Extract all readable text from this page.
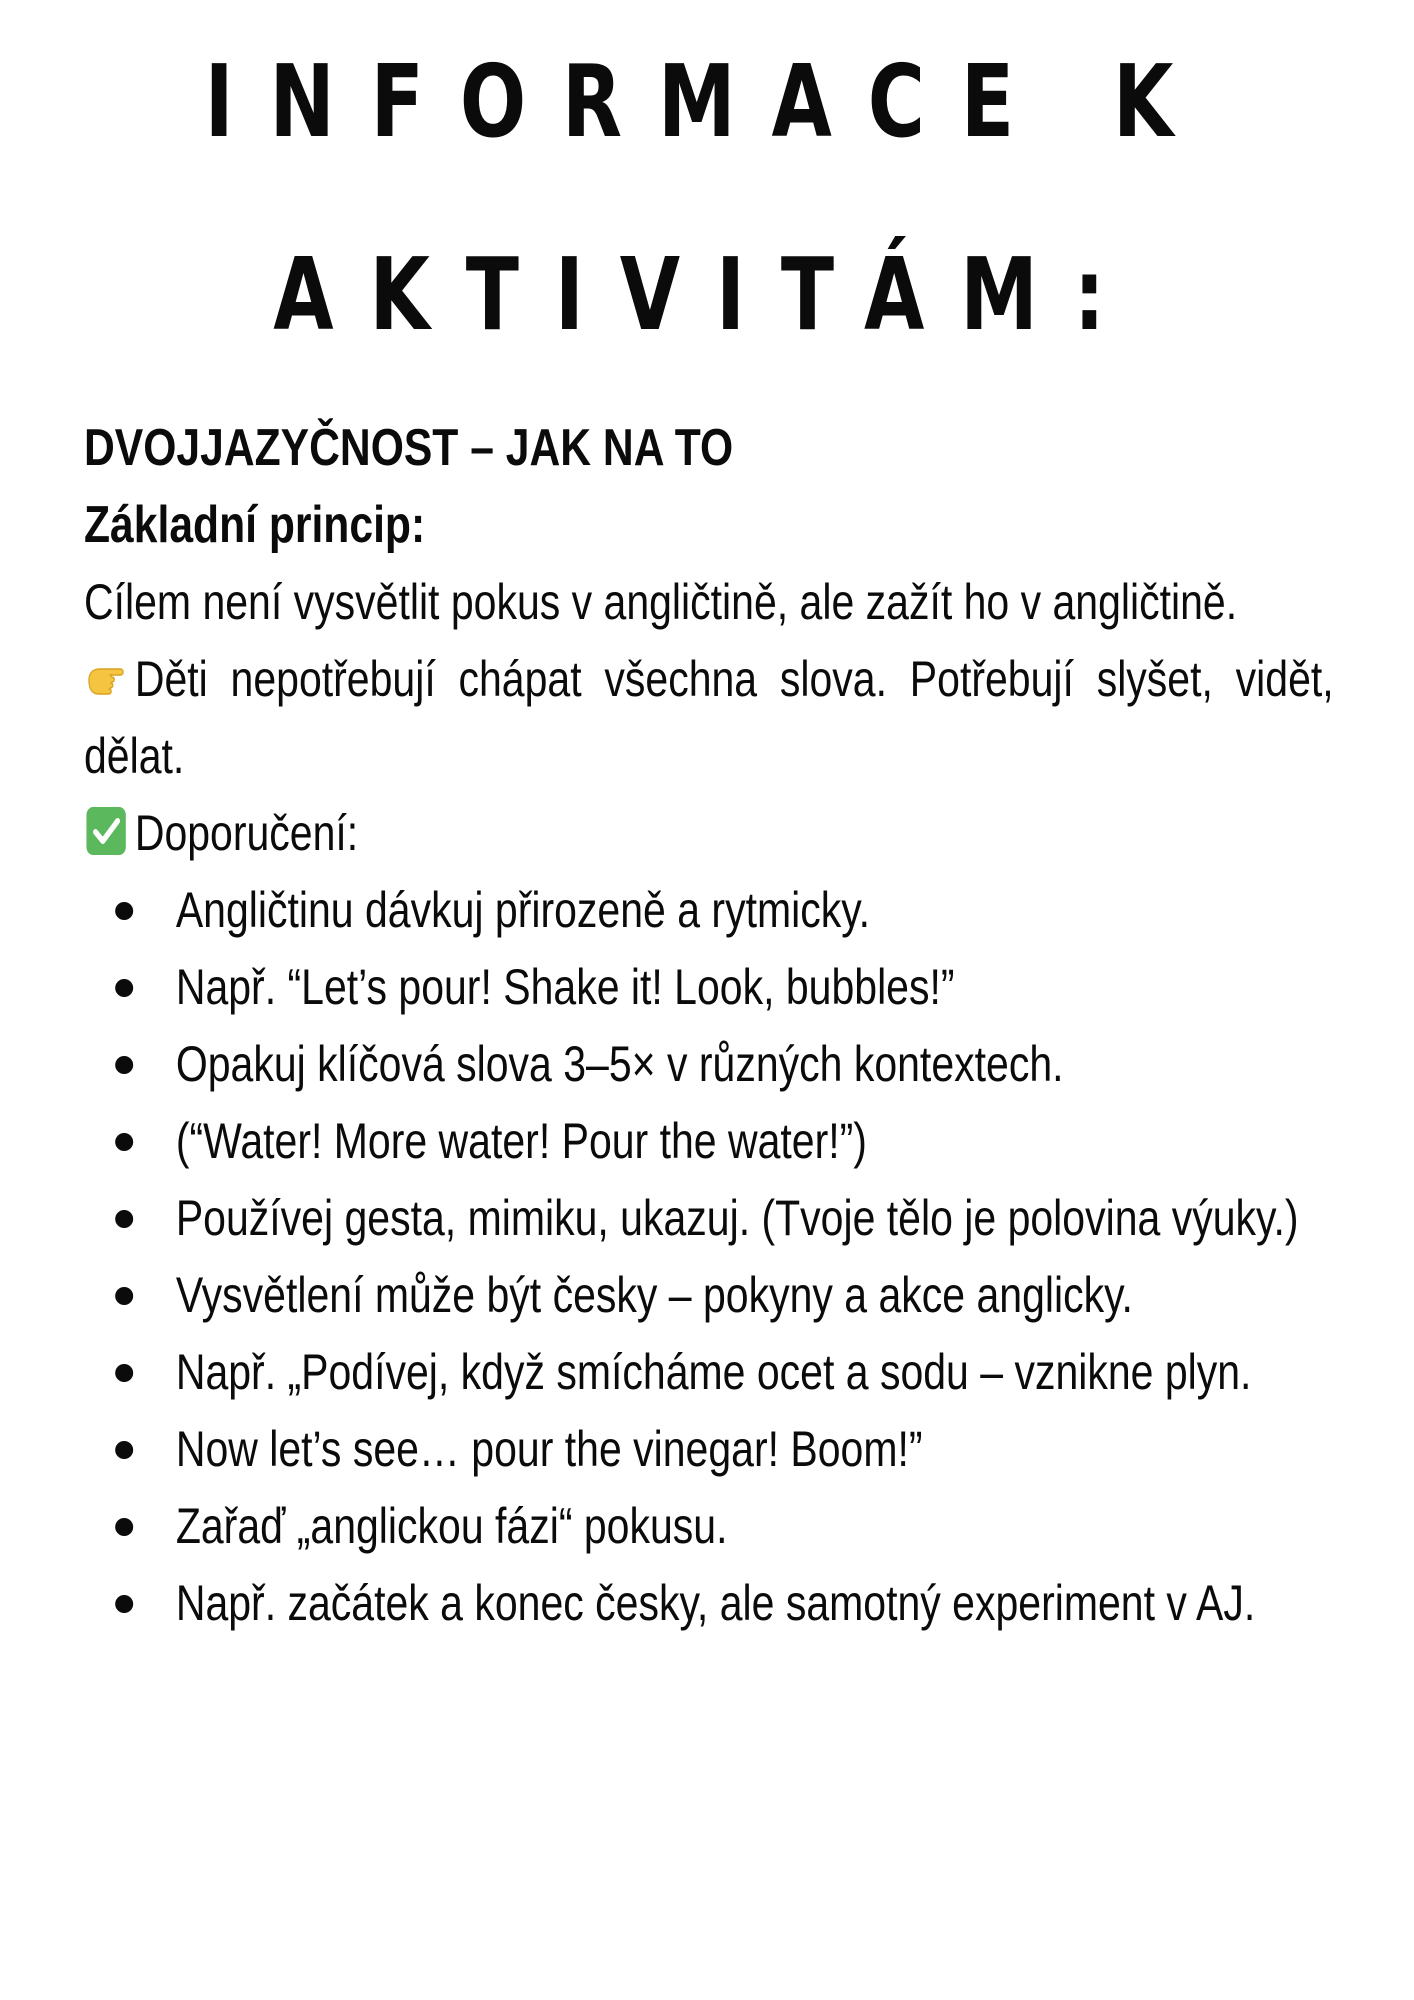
INFORMACE K
AKTIVITÁM:

DVOJJAZYČNOST – JAK NA TO

Základní princip:

Cílem není vysvětlit pokus v angličtině, ale zažít ho v angličtině.

Děti nepotřebují chápat všechna slova. Potřebují slyšet, vidět, dělat.

Doporučení:

Angličtinu dávkuj přirozeně a rytmicky.
Např. “Let’s pour! Shake it! Look, bubbles!”
Opakuj klíčová slova 3–5× v různých kontextech.
(“Water! More water! Pour the water!”)
Používej gesta, mimiku, ukazuj. (Tvoje tělo je polovina výuky.)
Vysvětlení může být česky – pokyny a akce anglicky.
Např. „Podívej, když smícháme ocet a sodu – vznikne plyn.
Now let’s see… pour the vinegar! Boom!”
Zařaď „anglickou fázi“ pokusu.
Např. začátek a konec česky, ale samotný experiment v AJ.
